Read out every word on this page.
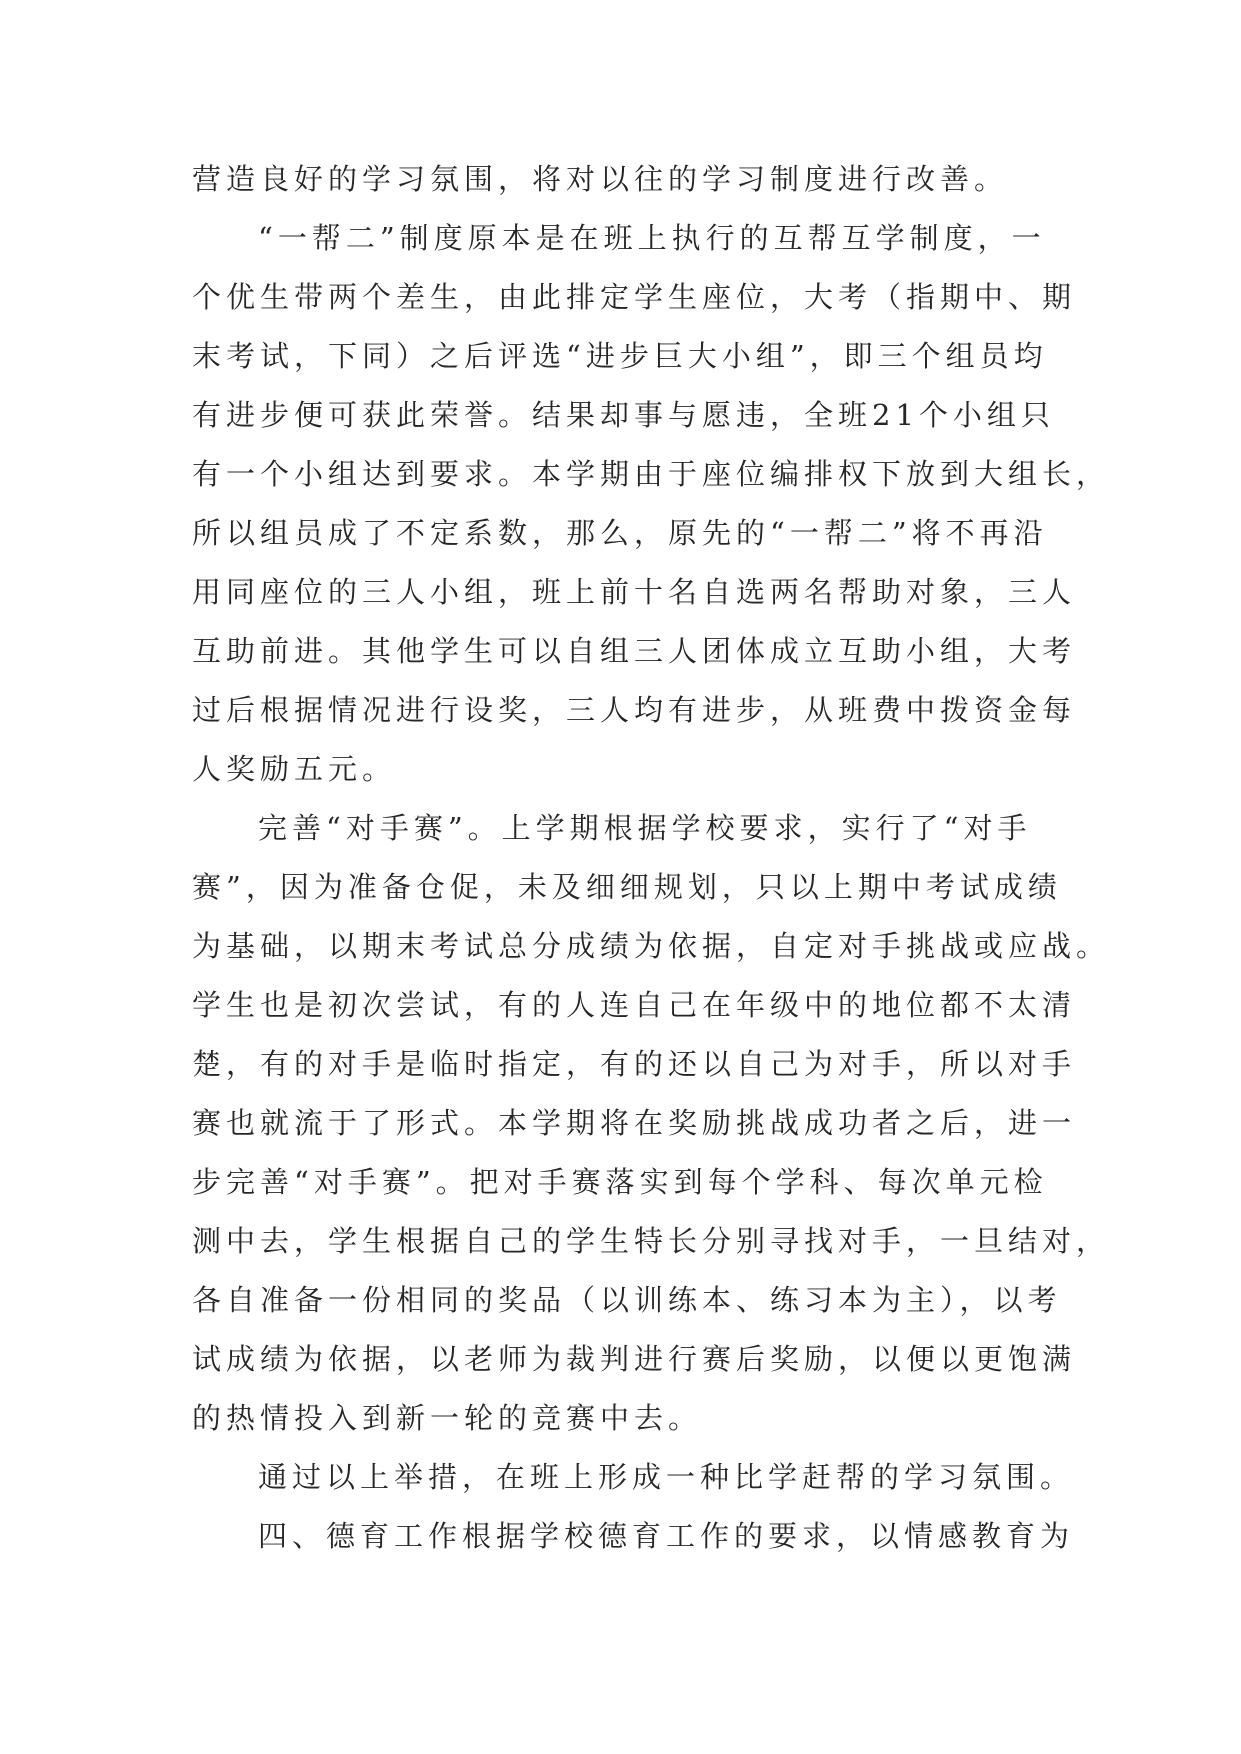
营造良好的学习氛围，将对以往的学习制度进行改善。
“一帮二”制度原本是在班上执行的互帮互学制度，一
个优生带两个差生，由此排定学生座位，大考（指期中、期
末考试，下同）之后评选“进步巨大小组”，即三个组员均
有进步便可获此荣誉。结果却事与愿违，全班21个小组只
有一个小组达到要求。本学期由于座位编排权下放到大组长，
所以组员成了不定系数，那么，原先的“一帮二”将不再沿
用同座位的三人小组，班上前十名自选两名帮助对象，三人
互助前进。其他学生可以自组三人团体成立互助小组，大考
过后根据情况进行设奖，三人均有进步，从班费中拨资金每
人奖励五元。
完善“对手赛”。上学期根据学校要求，实行了“对手
赛”，因为准备仓促，未及细细规划，只以上期中考试成绩
为基础，以期末考试总分成绩为依据，自定对手挑战或应战。
学生也是初次尝试，有的人连自己在年级中的地位都不太清
楚，有的对手是临时指定，有的还以自己为对手，所以对手
赛也就流于了形式。本学期将在奖励挑战成功者之后，进一
步完善“对手赛”。把对手赛落实到每个学科、每次单元检
测中去，学生根据自己的学生特长分别寻找对手，一旦结对，
各自准备一份相同的奖品（以训练本、练习本为主），以考
试成绩为依据，以老师为裁判进行赛后奖励，以便以更饱满
的热情投入到新一轮的竞赛中去。
通过以上举措，在班上形成一种比学赶帮的学习氛围。
四、德育工作根据学校德育工作的要求，以情感教育为
